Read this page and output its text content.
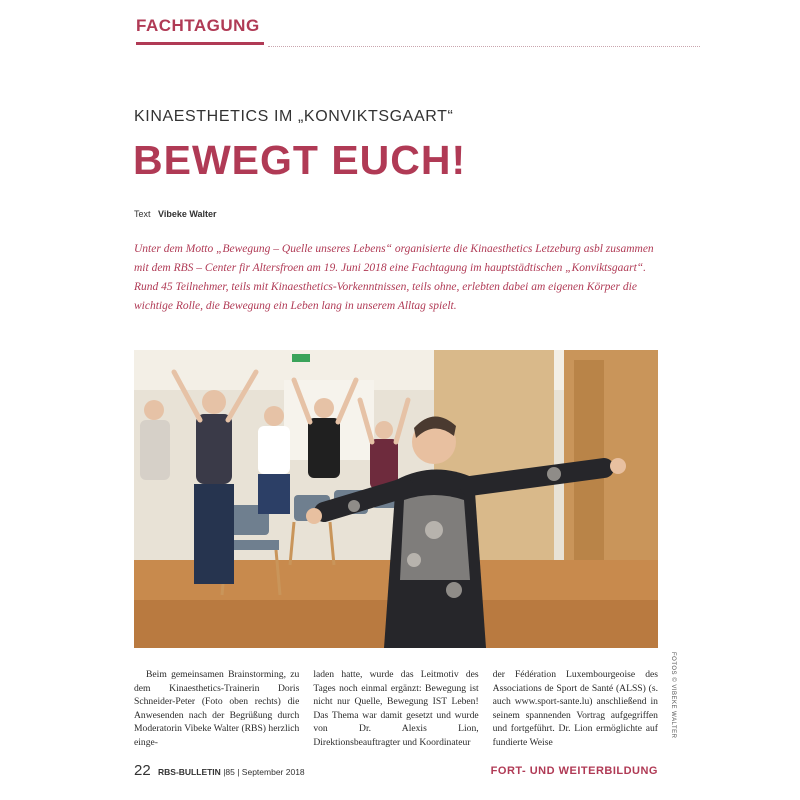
FACHTAGUNG
KINAESTHETICS IM „KONVIKTSGAART“
BEWEGT EUCH!
Text Vibeke Walter

Unter dem Motto „Bewegung – Quelle unseres Lebens“ organisierte die Kinaesthetics Letzeburg asbl zusammen mit dem RBS – Center fir Altersfroen am 19. Juni 2018 eine Fachtagung im hauptstädtischen „Konviktsgaart“. Rund 45 Teilnehmer, teils mit Kinaesthetics-Vorkenntnissen, teils ohne, erlebten dabei am eigenen Körper die wichtige Rolle, die Bewegung ein Leben lang in unserem Alltag spielt.

FOTOS © VIBEKE WALTER

Beim gemeinsamen Brainstorming, zu dem Kinaesthetics-Trainerin Doris Schneider-Peter (Foto oben rechts) die Anwesenden nach der Begrüßung durch Moderatorin Vibeke Walter (RBS) herzlich einge-

laden hatte, wurde das Leitmotiv des Tages noch einmal ergänzt: Bewegung ist nicht nur Quelle, Bewegung IST Leben! Das Thema war damit gesetzt und wurde von Dr. Alexis Lion, Direktionsbeauftragter und Koordinateur

der Fédération Luxembourgeoise des Associations de Sport de Santé (ALSS) (s. auch www.sport-sante.lu) anschließend in seinem spannenden Vortrag aufgegriffen und fortgeführt. Dr. Lion ermöglichte auf fundierte Weise

22 RBS-BULLETIN |85 | September 2018	FORT- UND WEITERBILDUNG
